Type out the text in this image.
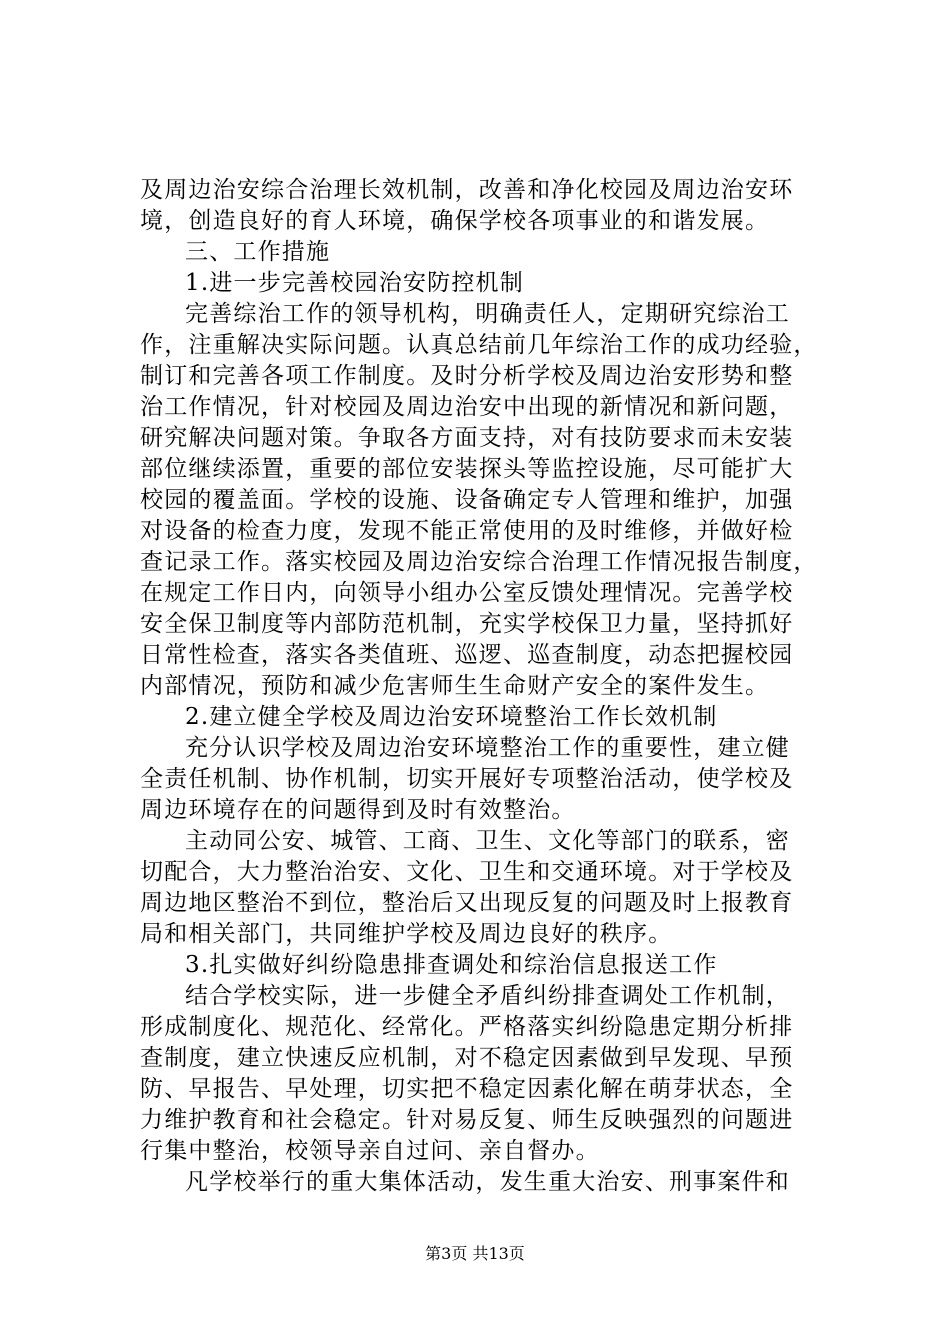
及周边治安综合治理长效机制，改善和净化校园及周边治安环
境，创造良好的育人环境，确保学校各项事业的和谐发展。
三、工作措施
1.进一步完善校园治安防控机制
完善综治工作的领导机构，明确责任人，定期研究综治工
作，注重解决实际问题。认真总结前几年综治工作的成功经验，
制订和完善各项工作制度。及时分析学校及周边治安形势和整
治工作情况，针对校园及周边治安中出现的新情况和新问题，
研究解决问题对策。争取各方面支持，对有技防要求而未安装
部位继续添置，重要的部位安装探头等监控设施，尽可能扩大
校园的覆盖面。学校的设施、设备确定专人管理和维护，加强
对设备的检查力度，发现不能正常使用的及时维修，并做好检
查记录工作。落实校园及周边治安综合治理工作情况报告制度，
在规定工作日内，向领导小组办公室反馈处理情况。完善学校
安全保卫制度等内部防范机制，充实学校保卫力量，坚持抓好
日常性检查，落实各类值班、巡逻、巡查制度，动态把握校园
内部情况，预防和减少危害师生生命财产安全的案件发生。
2.建立健全学校及周边治安环境整治工作长效机制
充分认识学校及周边治安环境整治工作的重要性，建立健
全责任机制、协作机制，切实开展好专项整治活动，使学校及
周边环境存在的问题得到及时有效整治。
主动同公安、城管、工商、卫生、文化等部门的联系，密
切配合，大力整治治安、文化、卫生和交通环境。对于学校及
周边地区整治不到位，整治后又出现反复的问题及时上报教育
局和相关部门，共同维护学校及周边良好的秩序。
3.扎实做好纠纷隐患排查调处和综治信息报送工作
结合学校实际，进一步健全矛盾纠纷排查调处工作机制，
形成制度化、规范化、经常化。严格落实纠纷隐患定期分析排
查制度，建立快速反应机制，对不稳定因素做到早发现、早预
防、早报告、早处理，切实把不稳定因素化解在萌芽状态，全
力维护教育和社会稳定。针对易反复、师生反映强烈的问题进
行集中整治，校领导亲自过问、亲自督办。
凡学校举行的重大集体活动，发生重大治安、刑事案件和
第3页 共13页
